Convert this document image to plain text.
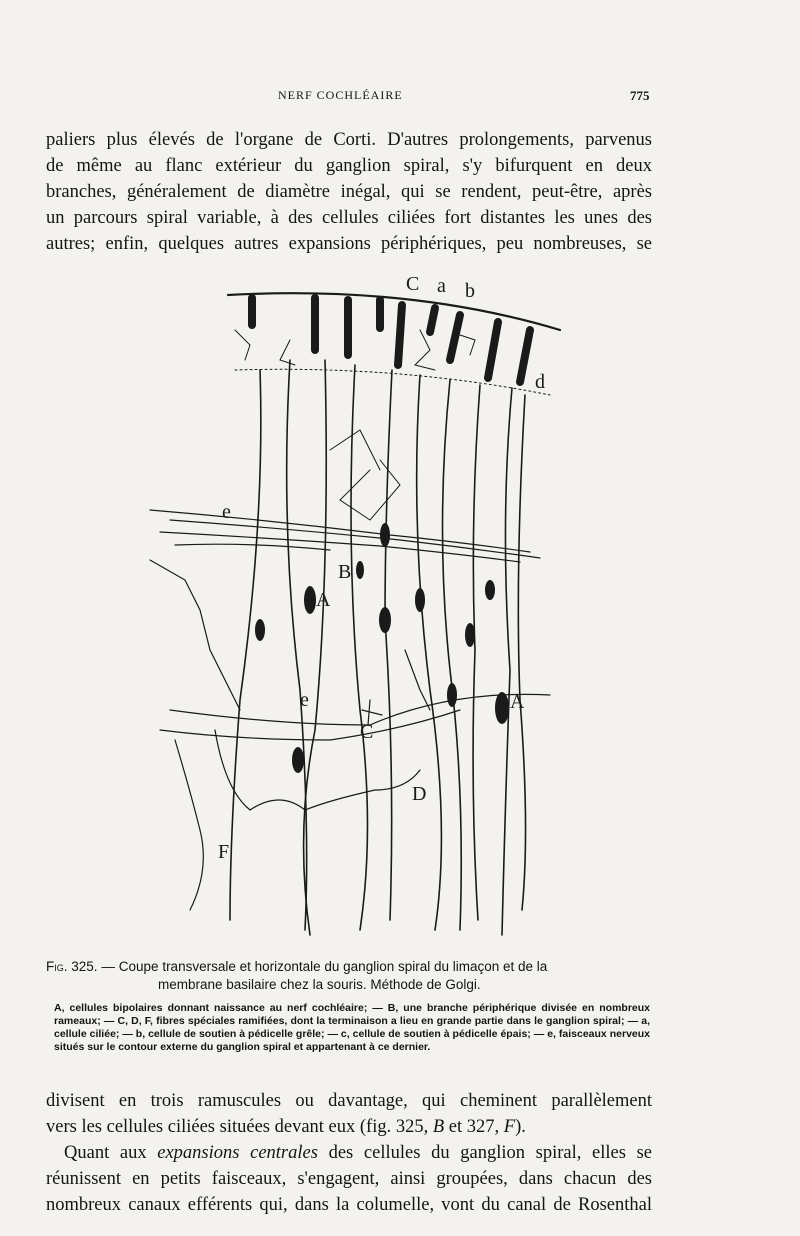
NERF COCHLÉAIRE	775
paliers plus élevés de l'organe de Corti. D'autres prolongements, parvenus
de même au flanc extérieur du ganglion spiral, s'y bifurquent en deux
branches, généralement de diamètre inégal, qui se rendent, peut-être, après
un parcours spiral variable, à des cellules ciliées fort distantes les unes des
autres; enfin, quelques autres expansions périphériques, peu nombreuses, se
C a b
d
e
B
A
A
e
C
D
F
Fig. 325. — Coupe transversale et horizontale du ganglion spiral du limaçon et de la
membrane basilaire chez la souris. Méthode de Golgi.
A, cellules bipolaires donnant naissance au nerf cochléaire; — B, une branche périphérique divisée en nombreux rameaux; — C, D, F, fibres spéciales ramifiées, dont la terminaison a lieu en grande partie dans le ganglion spiral; — a, cellule ciliée; — b, cellule de soutien à pédicelle grêle; — c, cellule de soutien à pédicelle épais; — e, faisceaux nerveux situés sur le contour externe du ganglion spiral et appartenant à ce dernier.
divisent en trois ramuscules ou davantage, qui cheminent parallèlement
vers les cellules ciliées situées devant eux (fig. 325, B et 327, F).
Quant aux expansions centrales des cellules du ganglion spiral, elles se
réunissent en petits faisceaux, s'engagent, ainsi groupées, dans chacun des
nombreux canaux efférents qui, dans la columelle, vont du canal de Rosenthal
